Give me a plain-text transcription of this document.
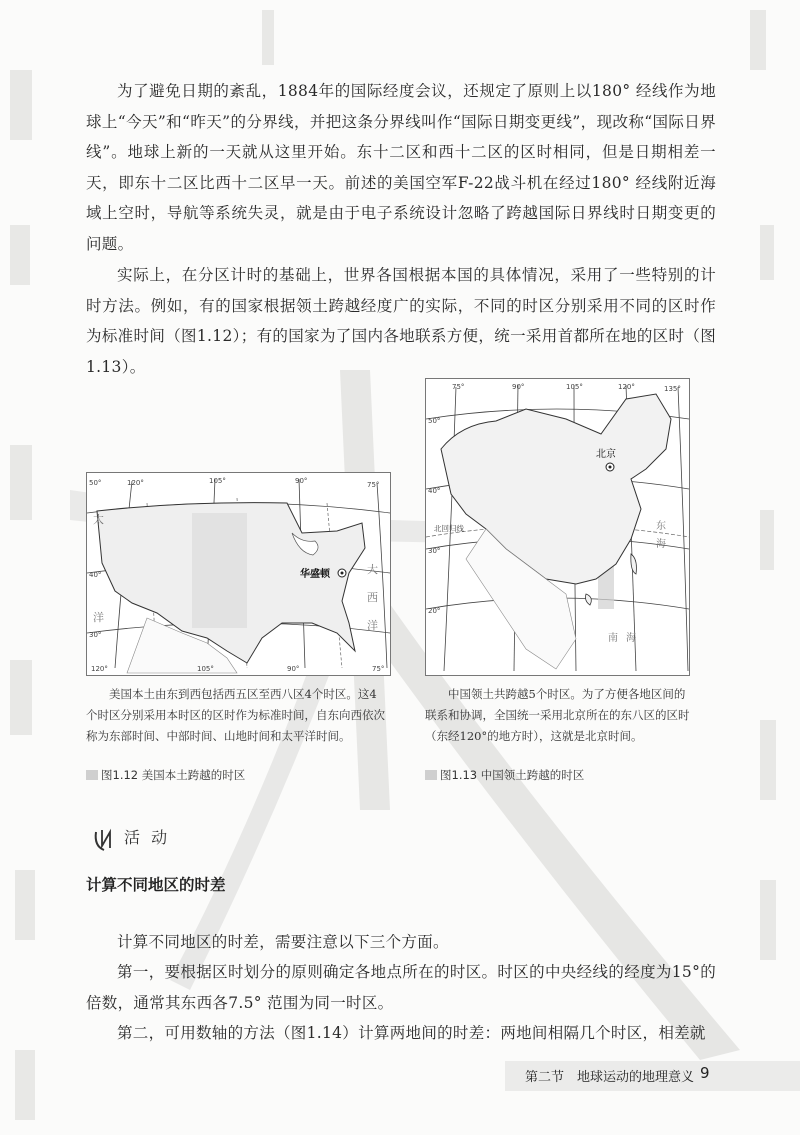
为了避免日期的紊乱，1884年的国际经度会议，还规定了原则上以180° 经线作为地球上“今天”和“昨天”的分界线，并把这条分界线叫作“国际日期变更线”，现改称“国际日界线”。地球上新的一天就从这里开始。东十二区和西十二区的区时相同，但是日期相差一天，即东十二区比西十二区早一天。前述的美国空军F-22战斗机在经过180° 经线附近海域上空时，导航等系统失灵，就是由于电子系统设计忽略了跨越国际日界线时日期变更的问题。
实际上，在分区计时的基础上，世界各国根据本国的具体情况，采用了一些特别的计时方法。例如，有的国家根据领土跨越经度广的实际，不同的时区分别采用不同的区时作为标准时间（图1.12）；有的国家为了国内各地联系方便，统一采用首都所在地的区时（图1.13）。
50°	120°	105°	90°	75°
120°	105°	90°	75°
40°
30°
大
西
洋
太
洋
华盛顿
75°	90°	105°	120°	135°
50°
40°
30°
20°
北回归线	东
海
南 海
北京
美国本土由东到西包括西五区至西八区4个时区。这4个时区分别采用本时区的区时作为标准时间，自东向西依次称为东部时间、中部时间、山地时间和太平洋时间。
图1.12 美国本土跨越的时区
中国领土共跨越5个时区。为了方便各地区间的联系和协调，全国统一采用北京所在的东八区的区时（东经120°的地方时），这就是北京时间。
图1.13 中国领土跨越的时区
活 动
计算不同地区的时差
计算不同地区的时差，需要注意以下三个方面。
第一，要根据区时划分的原则确定各地点所在的时区。时区的中央经线的经度为15°的倍数，通常其东西各7.5° 范围为同一时区。
第二，可用数轴的方法（图1.14）计算两地间的时差：两地间相隔几个时区，相差就
第二节　地球运动的地理意义 9
